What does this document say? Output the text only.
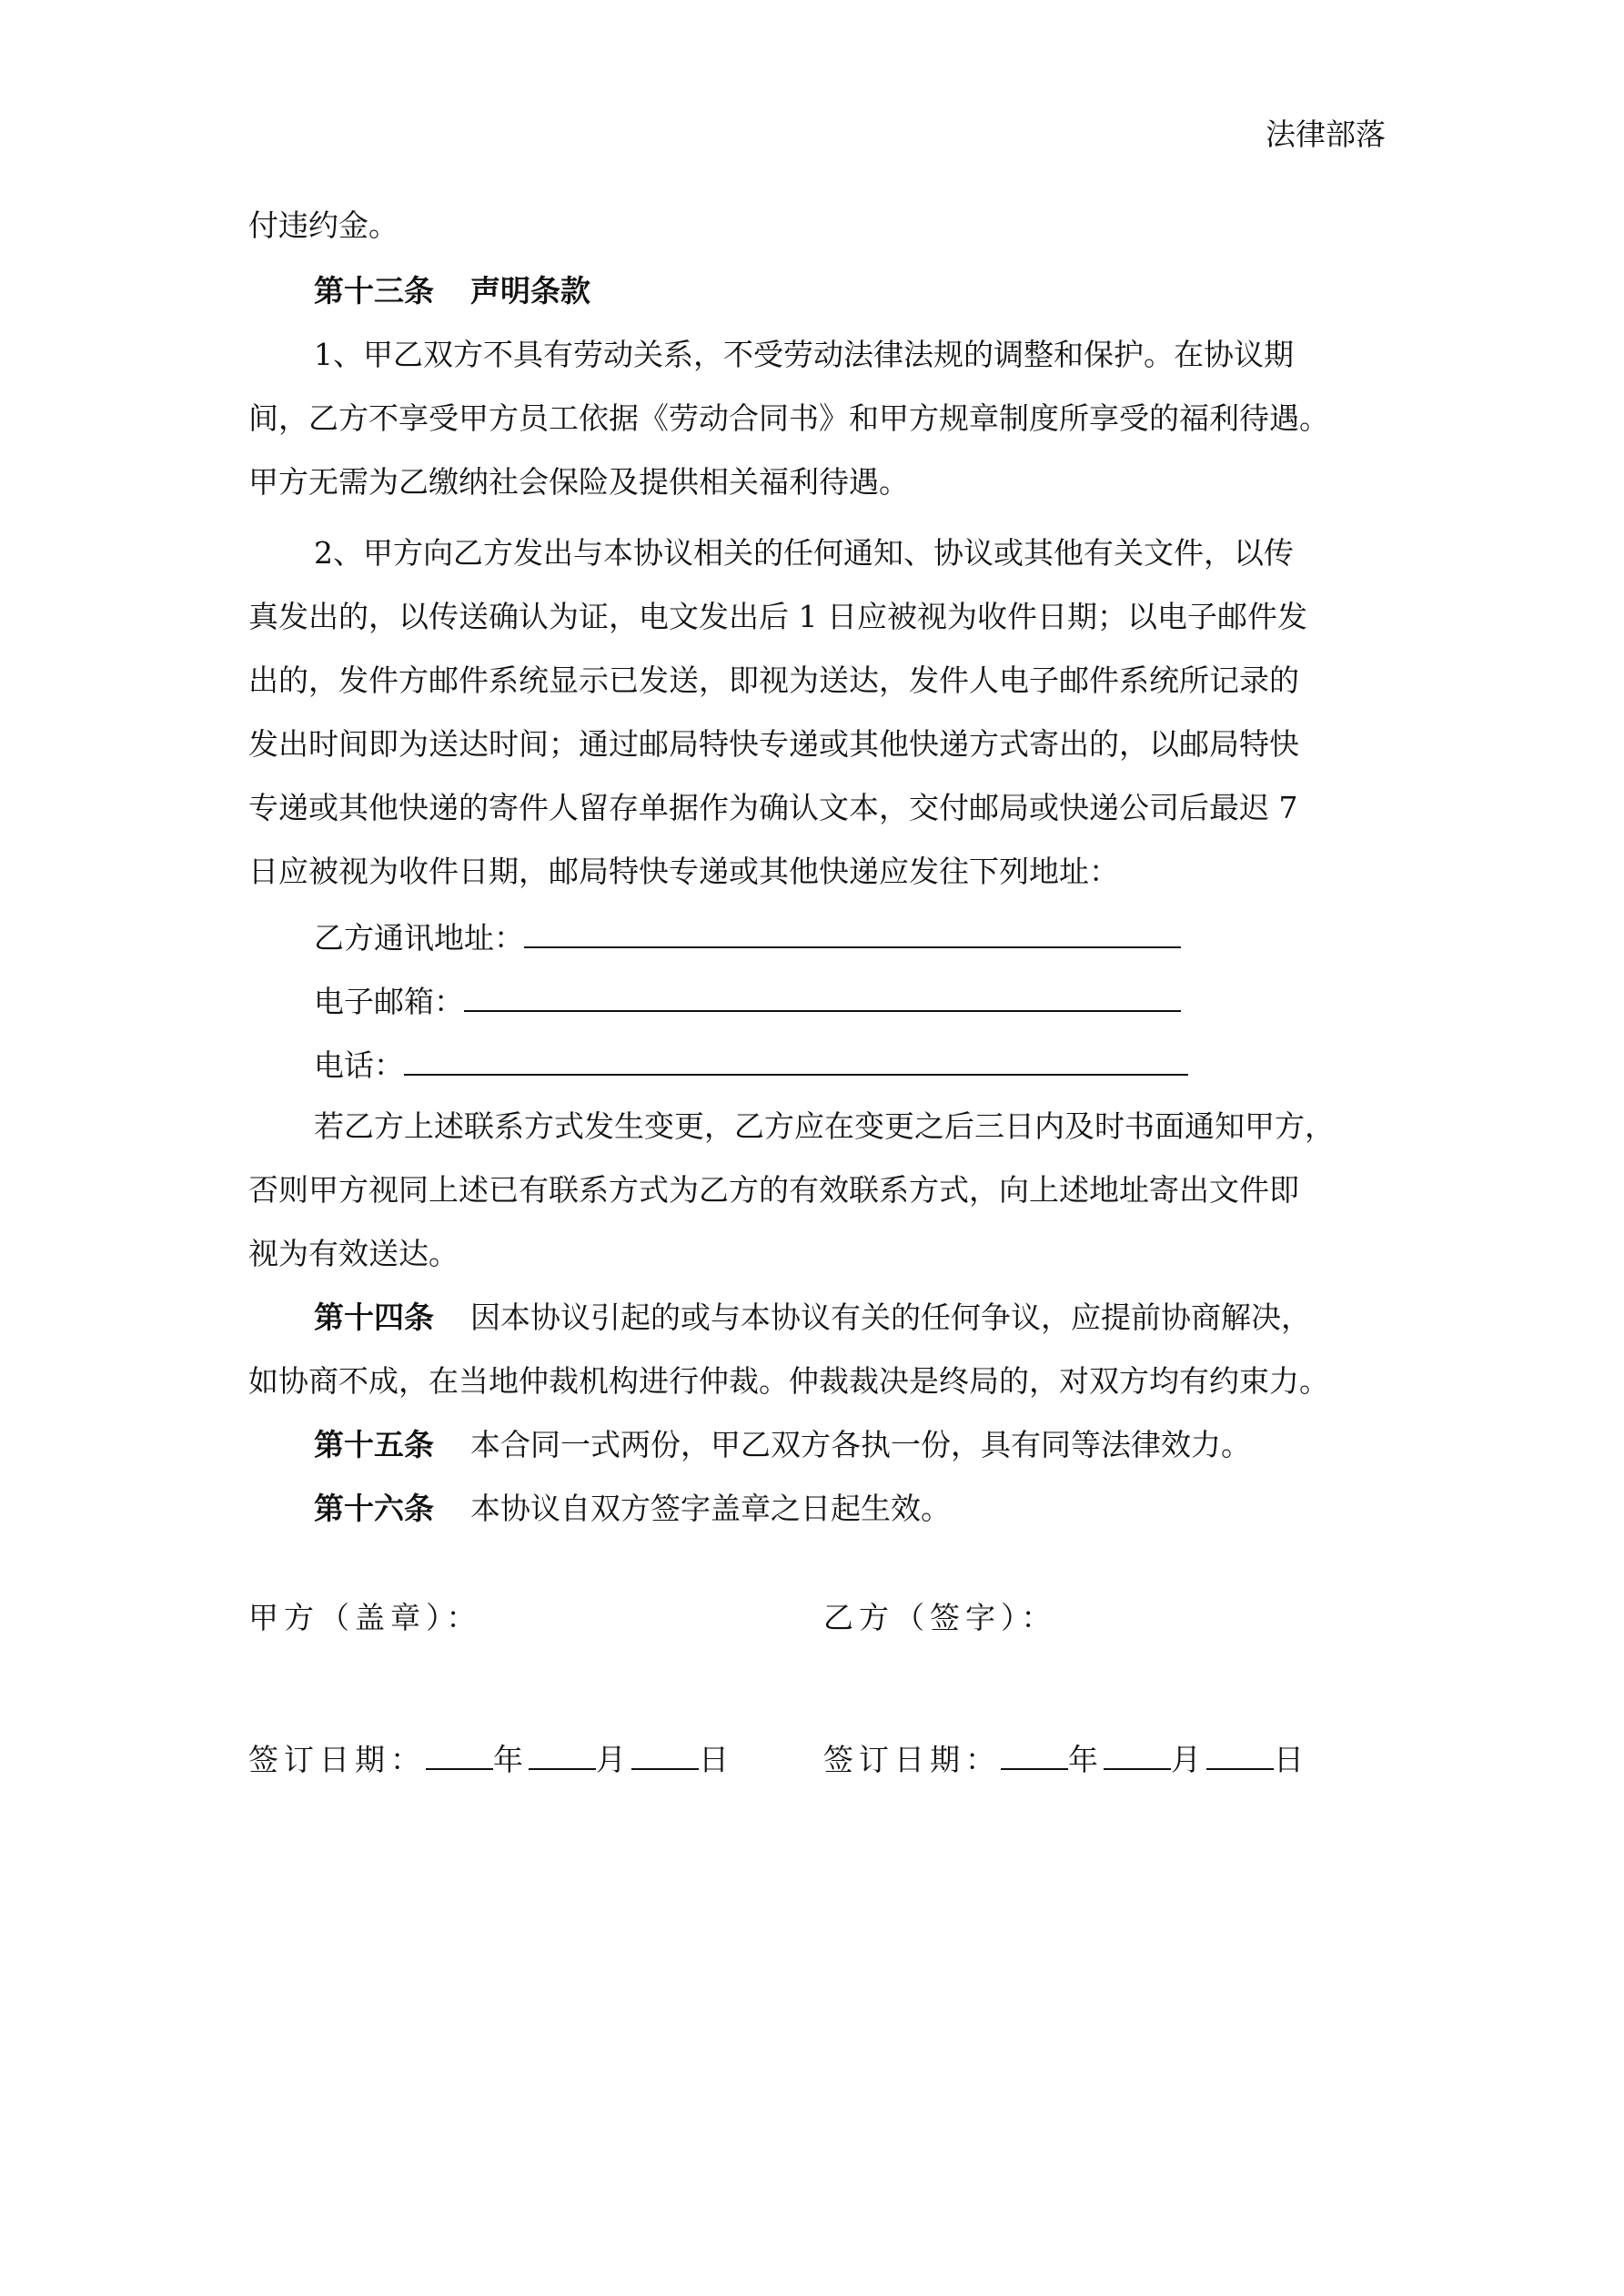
法律部落
付违约金。
第十三条 声明条款
1、甲乙双方不具有劳动关系，不受劳动法律法规的调整和保护。在协议期
间，乙方不享受甲方员工依据《劳动合同书》和甲方规章制度所享受的福利待遇。
甲方无需为乙缴纳社会保险及提供相关福利待遇。
2、甲方向乙方发出与本协议相关的任何通知、协议或其他有关文件，以传
真发出的，以传送确认为证，电文发出后 1 日应被视为收件日期；以电子邮件发
出的，发件方邮件系统显示已发送，即视为送达，发件人电子邮件系统所记录的
发出时间即为送达时间；通过邮局特快专递或其他快递方式寄出的，以邮局特快
专递或其他快递的寄件人留存单据作为确认文本，交付邮局或快递公司后最迟 7
日应被视为收件日期，邮局特快专递或其他快递应发往下列地址：
乙方通讯地址：
电子邮箱：
电话：
若乙方上述联系方式发生变更，乙方应在变更之后三日内及时书面通知甲方，
否则甲方视同上述已有联系方式为乙方的有效联系方式，向上述地址寄出文件即
视为有效送达。
第十四条 因本协议引起的或与本协议有关的任何争议，应提前协商解决，
如协商不成，在当地仲裁机构进行仲裁。仲裁裁决是终局的，对双方均有约束力。
第十五条 本合同一式两份，甲乙双方各执一份，具有同等法律效力。
第十六条 本协议自双方签字盖章之日起生效。
甲方（盖章）：	乙方（签字）：
签订日期： 年 月 日	签订日期： 年 月 日
